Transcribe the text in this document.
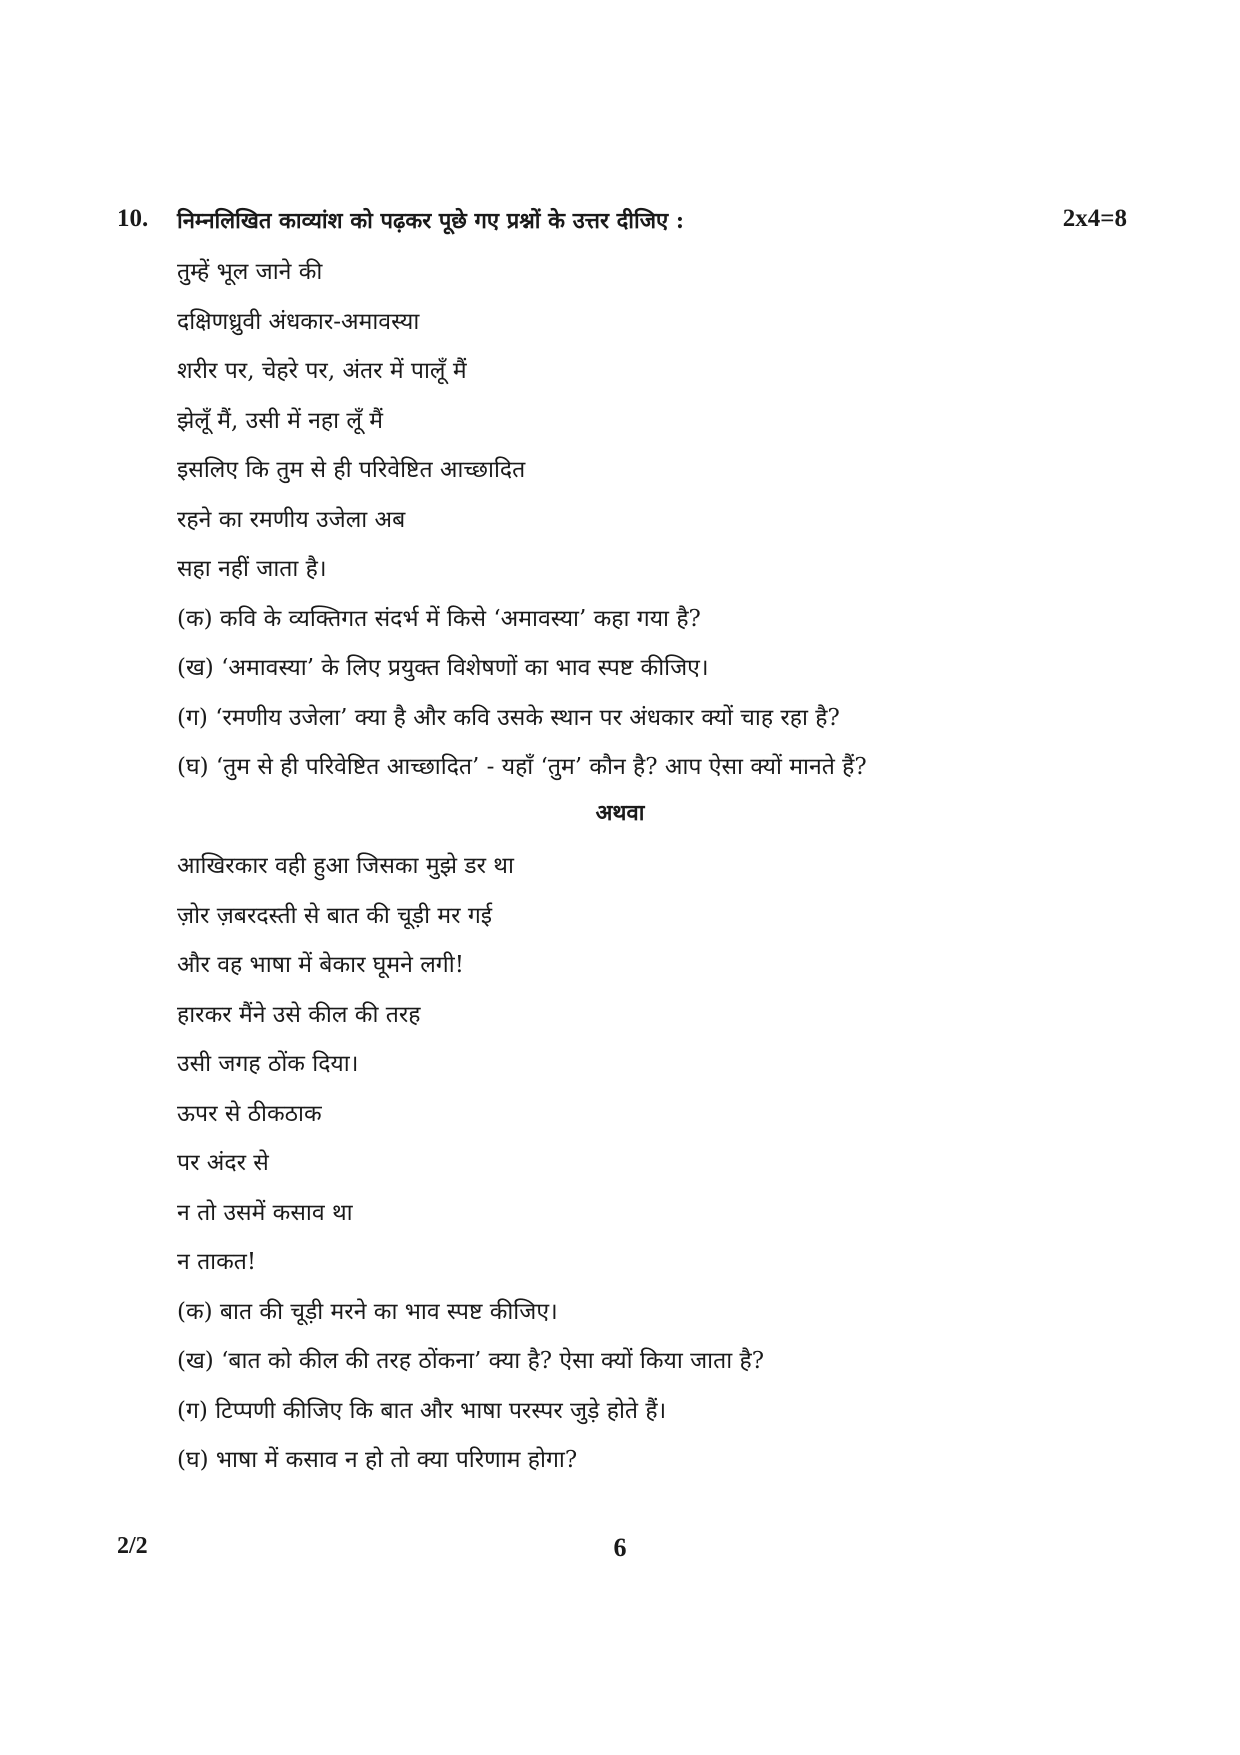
10. निम्नलिखित काव्यांश को पढ़कर पूछे गए प्रश्नों के उत्तर दीजिए :	2x4=8
तुम्हें भूल जाने की
दक्षिणध्रुवी अंधकार-अमावस्या
शरीर पर, चेहरे पर, अंतर में पालूँ मैं
झेलूँ मैं, उसी में नहा लूँ मैं
इसलिए कि तुम से ही परिवेष्टित आच्छादित
रहने का रमणीय उजेला अब
सहा नहीं जाता है।
(क) कवि के व्यक्तिगत संदर्भ में किसे ‘अमावस्या’ कहा गया है?
(ख) ‘अमावस्या’ के लिए प्रयुक्त विशेषणों का भाव स्पष्ट कीजिए।
(ग) ‘रमणीय उजेला’ क्या है और कवि उसके स्थान पर अंधकार क्यों चाह रहा है?
(घ) ‘तुम से ही परिवेष्टित आच्छादित’ - यहाँ ‘तुम’ कौन है? आप ऐसा क्यों मानते हैं?
अथवा
आखिरकार वही हुआ जिसका मुझे डर था
ज़ोर ज़बरदस्ती से बात की चूड़ी मर गई
और वह भाषा में बेकार घूमने लगी!
हारकर मैंने उसे कील की तरह
उसी जगह ठोंक दिया।
ऊपर से ठीकठाक
पर अंदर से
न तो उसमें कसाव था
न ताकत!
(क) बात की चूड़ी मरने का भाव स्पष्ट कीजिए।
(ख) ‘बात को कील की तरह ठोंकना’ क्या है? ऐसा क्यों किया जाता है?
(ग) टिप्पणी कीजिए कि बात और भाषा परस्पर जुड़े होते हैं।
(घ) भाषा में कसाव न हो तो क्या परिणाम होगा?
2/2	6
